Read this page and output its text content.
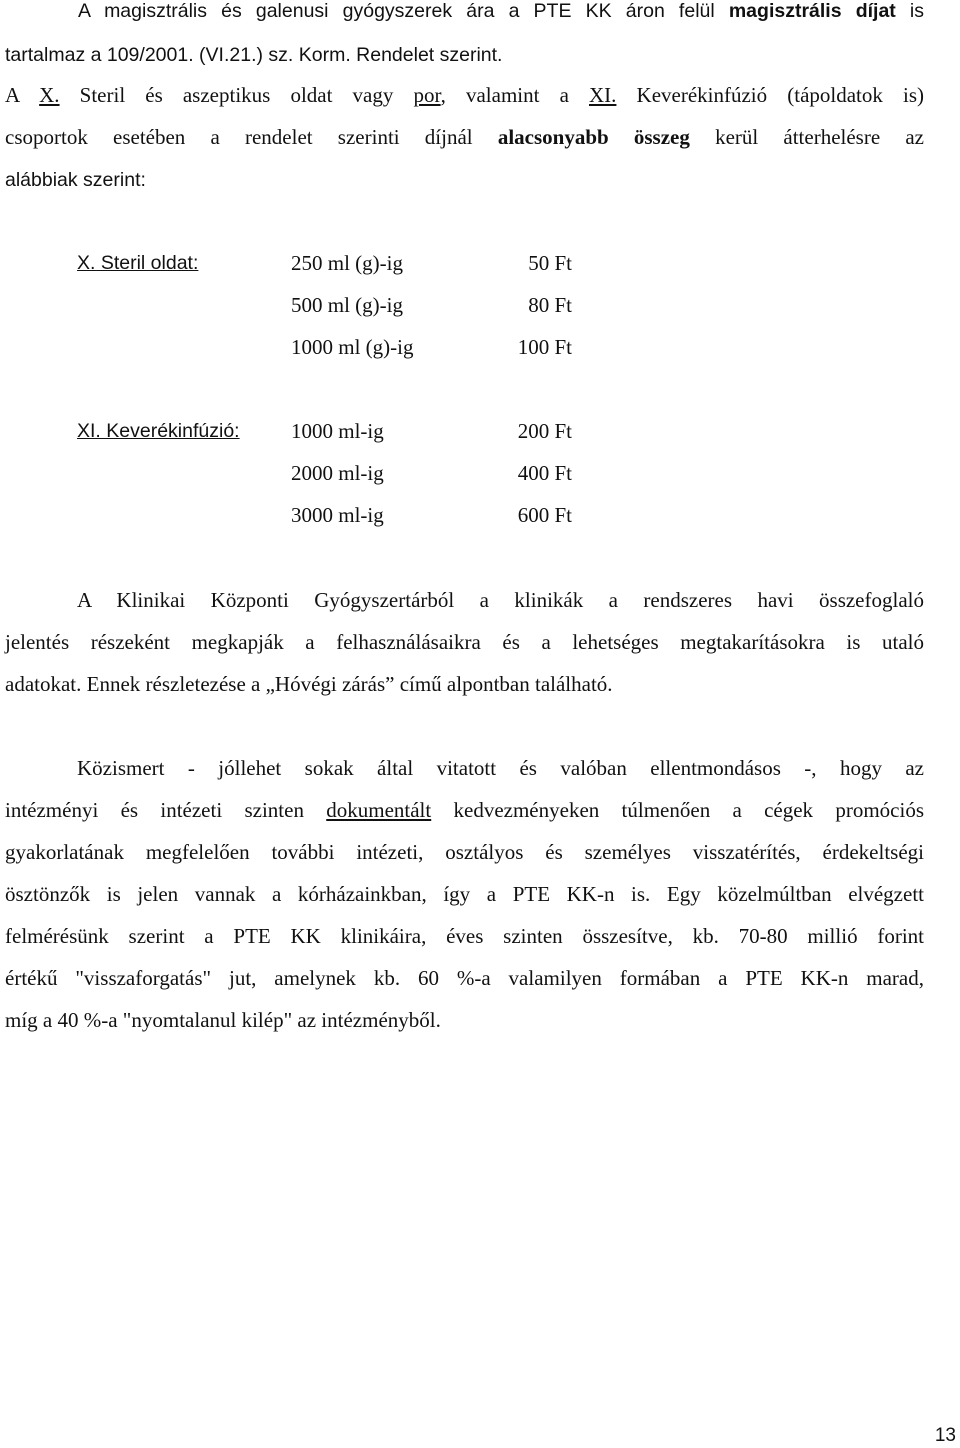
A magisztrális és galenusi gyógyszerek ára a PTE KK áron felül magisztrális díjat is
tartalmaz a 109/2001. (VI.21.) sz. Korm. Rendelet szerint.
A X. Steril és aszeptikus oldat vagy por, valamint a XI. Keverékinfúzió (tápoldatok is)
csoportok esetében a rendelet szerinti díjnál alacsonyabb összeg kerül átterhelésre az
alábbiak szerint:
X. Steril oldat:	250 ml (g)-ig	50 Ft
500 ml (g)-ig	80 Ft
1000 ml (g)-ig	100 Ft
XI. Keverékinfúzió: 1000 ml-ig	200 Ft
2000 ml-ig	400 Ft
3000 ml-ig	600 Ft
A Klinikai Központi Gyógyszertárból a klinikák a rendszeres havi összefoglaló
jelentés részeként megkapják a felhasználásaikra és a lehetséges megtakarításokra is utaló
adatokat. Ennek részletezése a „Hóvégi zárás” című alpontban található.
Közismert - jóllehet sokak által vitatott és valóban ellentmondásos -, hogy az
intézményi és intézeti szinten dokumentált kedvezményeken túlmenően a cégek promóciós
gyakorlatának megfelelően további intézeti, osztályos és személyes visszatérítés, érdekeltségi
ösztönzők is jelen vannak a kórházainkban, így a PTE KK-n is. Egy közelmúltban elvégzett
felmérésünk szerint a PTE KK klinikáira, éves szinten összesítve, kb. 70-80 millió forint
értékű "visszaforgatás" jut, amelynek kb. 60 %-a valamilyen formában a PTE KK-n marad,
míg a 40 %-a "nyomtalanul kilép" az intézményből.
13
